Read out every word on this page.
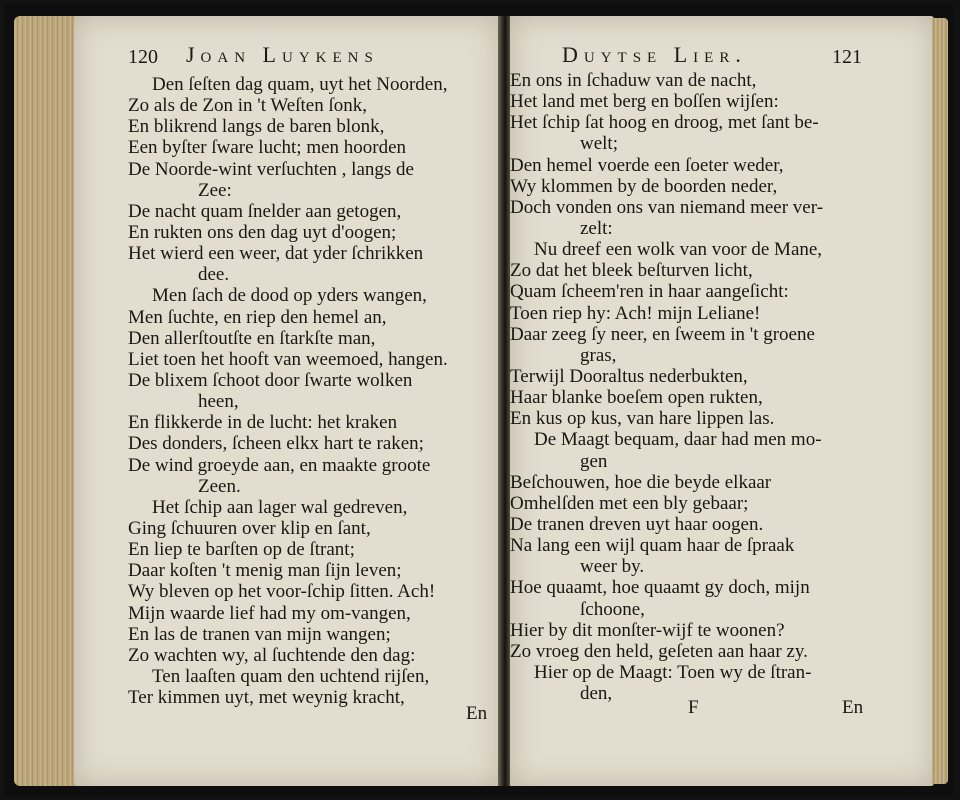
120 Joan Luykens	Duytse Lier.	121
Den ſeſten dag quam, uyt het Noorden,
Zo als de Zon in 't Weſten ſonk,
En blikrend langs de baren blonk,
Een byſter ſware lucht; men hoorden
De Noorde-wint verſuchten , langs de
Zee:
De nacht quam ſnelder aan getogen,
En rukten ons den dag uyt d'oogen;
Het wierd een weer, dat yder ſchrikken
dee.
Men ſach de dood op yders wangen,
Men ſuchte, en riep den hemel an,
Den allerſtoutſte en ſtarkſte man,
Liet toen het hooft van weemoed, hangen.
De blixem ſchoot door ſwarte wolken
heen,
En flikkerde in de lucht: het kraken
Des donders, ſcheen elkx hart te raken;
De wind groeyde aan, en maakte groote
Zeen.
Het ſchip aan lager wal gedreven,
Ging ſchuuren over klip en ſant,
En liep te barſten op de ſtrant;
Daar koſten 't menig man ſijn leven;
Wy bleven op het voor-ſchip ſitten. Ach!
Mijn waarde lief had my om-vangen,
En las de tranen van mijn wangen;
Zo wachten wy, al ſuchtende den dag:
Ten laaſten quam den uchtend rijſen,
Ter kimmen uyt, met weynig kracht,
En
En ons in ſchaduw van de nacht,
Het land met berg en boſſen wijſen:
Het ſchip ſat hoog en droog, met ſant be-
welt;
Den hemel voerde een ſoeter weder,
Wy klommen by de boorden neder,
Doch vonden ons van niemand meer ver-
zelt:
Nu dreef een wolk van voor de Mane,
Zo dat het bleek beſturven licht,
Quam ſcheem'ren in haar aangeſicht:
Toen riep hy: Ach! mijn Leliane!
Daar zeeg ſy neer, en ſweem in 't groene
gras,
Terwijl Dooraltus nederbukten,
Haar blanke boeſem open rukten,
En kus op kus, van hare lippen las.
De Maagt bequam, daar had men mo-
gen
Beſchouwen, hoe die beyde elkaar
Omhelſden met een bly gebaar;
De tranen dreven uyt haar oogen.
Na lang een wijl quam haar de ſpraak
weer by.
Hoe quaamt, hoe quaamt gy doch, mijn
ſchoone,
Hier by dit monſter-wijf te woonen?
Zo vroeg den held, geſeten aan haar zy.
Hier op de Maagt: Toen wy de ſtran-
den,
F	En
